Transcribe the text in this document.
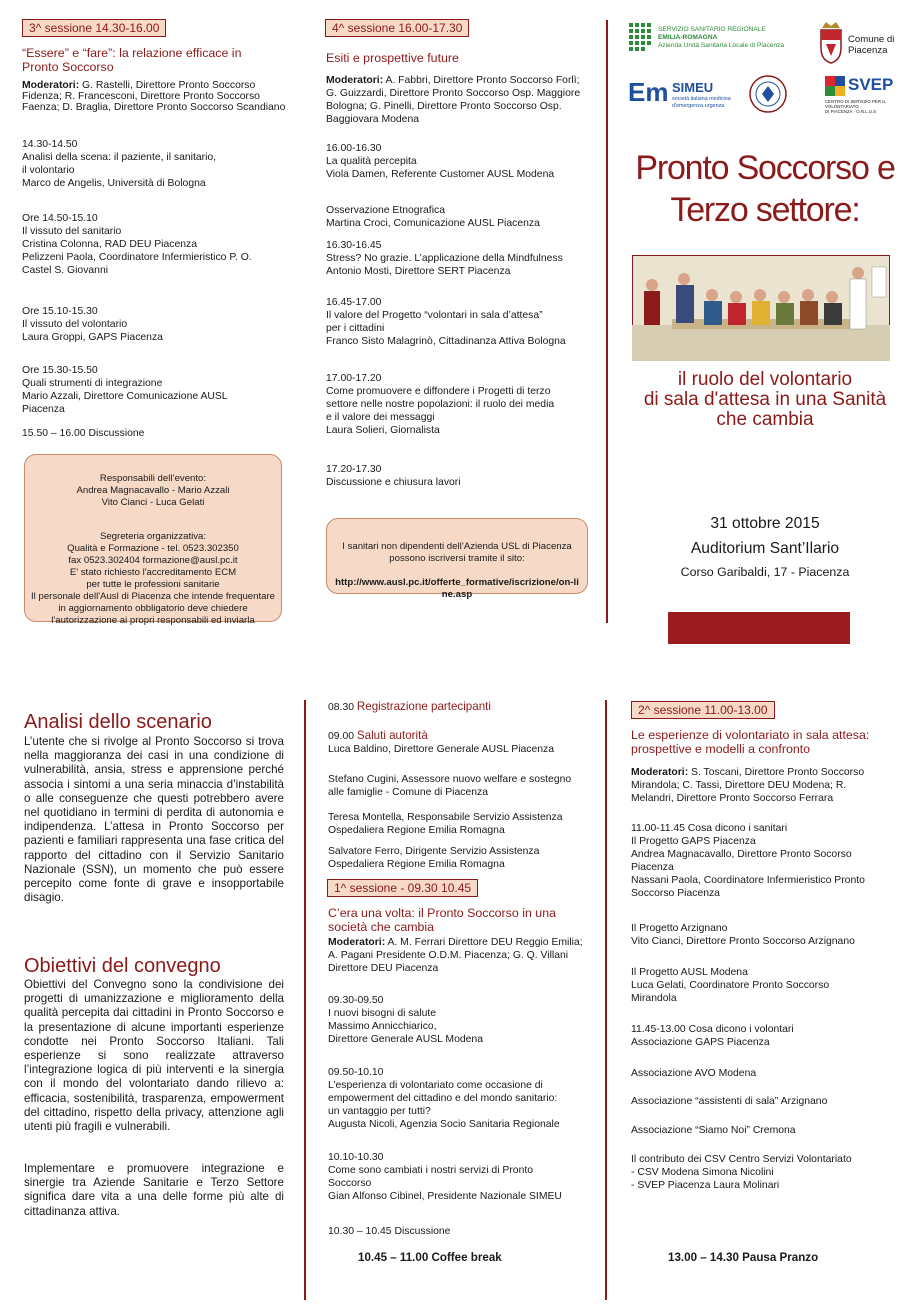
3^ sessione 14.30-16.00
“Essere” e “fare”: la relazione efficace in
Pronto Soccorso
Moderatori: G. Rastelli, Direttore Pronto Soccorso Fidenza; R. Francesconi, Direttore Pronto Soccorso Faenza; D. Braglia, Direttore Pronto Soccorso Scandiano
14.30-14.50
Analisi della scena: il paziente, il sanitario,
il volontario
Marco de Angelis, Università di Bologna
Ore 14.50-15.10
Il vissuto del sanitario
Cristina Colonna, RAD DEU Piacenza
Pelizzeni Paola, Coordinatore Infermieristico P. O.
Castel S. Giovanni
Ore 15.10-15.30
Il vissuto del volontario
Laura Groppi, GAPS Piacenza
Ore 15.30-15.50
Quali strumenti di integrazione
Mario Azzali, Direttore Comunicazione AUSL
Piacenza
15.50 – 16.00 Discussione

Responsabili dell’evento:
Andrea Magnacavallo - Mario Azzali
Vito Cianci - Luca Gelati

Segreteria organizzativa:
Qualità e Formazione - tel. 0523.302350
fax 0523.302404 formazione@ausl.pc.it
E' stato richiesto l'accreditamento ECM
per tutte le professioni sanitarie
Il personale dell'Ausl di Piacenza che intende frequentare
in aggiornamento obbligatorio deve chiedere
l'autorizzazione ai propri responsabili ed inviarla

4^ sessione 16.00-17.30
Esiti e prospettive future
Moderatori: A. Fabbri, Direttore Pronto Soccorso Forlì; G. Guizzardi, Direttore Pronto Soccorso Osp. Maggiore Bologna; G. Pinelli, Direttore Pronto Soccorso Osp. Baggiovara Modena
16.00-16.30
La qualità percepita
Viola Damen, Referente Customer AUSL Modena
Osservazione Etnografica
Martina Croci, Comunicazione AUSL Piacenza
16.30-16.45
Stress? No grazie. L’applicazione della Mindfulness
Antonio Mosti, Direttore SERT Piacenza
16.45-17.00
Il valore del Progetto “volontari in sala d’attesa”
per i cittadini
Franco Sisto Malagrinò, Cittadinanza Attiva Bologna
17.00-17.20
Come promuovere e diffondere i Progetti di terzo
settore nelle nostre popolazioni: il ruolo dei media
e il valore dei messaggi
Laura Solieri, Giornalista
17.20-17.30
Discussione e chiusura lavori

I sanitari non dipendenti dell’Azienda USL di Piacenza
possono iscriversi tramite il sito:

http://www.ausl.pc.it/offerte_formative/iscrizione/on-line.asp

SERVIZIO SANITARIO REGIONALE
EMILIA-ROMAGNA
Azienda Unità Sanitaria Locale di Piacenza
Comune di
Piacenza
Em SIMEU
società italiana medicina
d'emergenza-urgenza
SVEP
CENTRO DI SERVIZIO PER IL VOLONTARIATO
DI PIACENZA · O.N.L.U.S
Pronto Soccorso e
Terzo settore:
il ruolo del volontario
di sala d'attesa in una Sanità
che cambia
31 ottobre 2015
Auditorium Sant’Ilario
Corso Garibaldi, 17 - Piacenza
Analisi dello scenario
L’utente che si rivolge al Pronto Soccorso si trova nella maggioranza dei casi in una condizione di vulnerabilità, ansia, stress e apprensione perché associa i sintomi a una seria minaccia d’instabilità o alle conseguenze che questi potrebbero avere nel quotidiano in termini di perdita di autonomia e indipendenza. L’attesa in Pronto Soccorso per pazienti e familiari rappresenta una fase critica del rapporto del cittadino con il Servizio Sanitario Nazionale (SSN), un momento che può essere percepito come fonte di grave e insopportabile disagio.
Obiettivi del convegno
Obiettivi del Convegno sono la condivisione dei progetti di umanizzazione e miglioramento della qualità percepita dai cittadini in Pronto Soccorso e la presentazione di alcune importanti esperienze condotte nei Pronto Soccorso Italiani. Tali esperienze si sono realizzate attraverso l’integrazione logica di più interventi e la sinergia con il mondo del volontariato dando rilievo a: efficacia, sostenibilità, trasparenza, empowerment del cittadino, rispetto della privacy, attenzione agli utenti più fragili e vulnerabili.
Implementare e promuovere integrazione e sinergie tra Aziende Sanitarie e Terzo Settore significa dare vita a una delle forme più alte di cittadinanza attiva.
08.30 Registrazione partecipanti
09.00 Saluti autorità
Luca Baldino, Direttore Generale AUSL Piacenza
Stefano Cugini, Assessore nuovo welfare e sostegno
alle famiglie - Comune di Piacenza
Teresa Montella, Responsabile Servizio Assistenza
Ospedaliera Regione Emilia Romagna
Salvatore Ferro, Dirigente Servizio Assistenza
Ospedaliera Regione Emilia Romagna
1^ sessione - 09.30 10.45
C’era una volta: il Pronto Soccorso in una
società che cambia
Moderatori: A. M. Ferrari Direttore DEU Reggio Emilia; A. Pagani Presidente O.D.M. Piacenza; G. Q. Villani Direttore DEU Piacenza
09.30-09.50
I nuovi bisogni di salute
Massimo Annicchiarico,
Direttore Generale AUSL Modena
09.50-10.10
L’esperienza di volontariato come occasione di
empowerment del cittadino e del mondo sanitario:
un vantaggio per tutti?
Augusta Nicoli, Agenzia Socio Sanitaria Regionale
10.10-10.30
Come sono cambiati i nostri servizi di Pronto
Soccorso
Gian Alfonso Cibinel, Presidente Nazionale SIMEU
10.30 – 10.45 Discussione
10.45 – 11.00 Coffee break
2^ sessione 11.00-13.00
Le esperienze di volontariato in sala attesa:
prospettive e modelli a confronto
Moderatori: S. Toscani, Direttore Pronto Soccorso Mirandola; C. Tassi, Direttore DEU Modena; R. Melandri, Direttore Pronto Soccorso Ferrara
11.00-11.45 Cosa dicono i sanitari
Il Progetto GAPS Piacenza
Andrea Magnacavallo, Direttore Pronto Socorso
Piacenza
Nassani Paola, Coordinatore Infermieristico Pronto
Soccorso Piacenza
Il Progetto Arzignano
Vito Cianci, Direttore Pronto Soccorso Arzignano
Il Progetto AUSL Modena
Luca Gelati, Coordinatore Pronto Soccorso
Mirandola
11.45-13.00 Cosa dicono i volontari
Associazione GAPS Piacenza
Associazione AVO Modena
Associazione “assistenti di sala” Arzignano
Associazione “Siamo Noi” Cremona
Il contributo dei CSV Centro Servizi Volontariato
- CSV Modena Simona Nicolini
- SVEP Piacenza Laura Molinari
13.00 – 14.30 Pausa Pranzo
